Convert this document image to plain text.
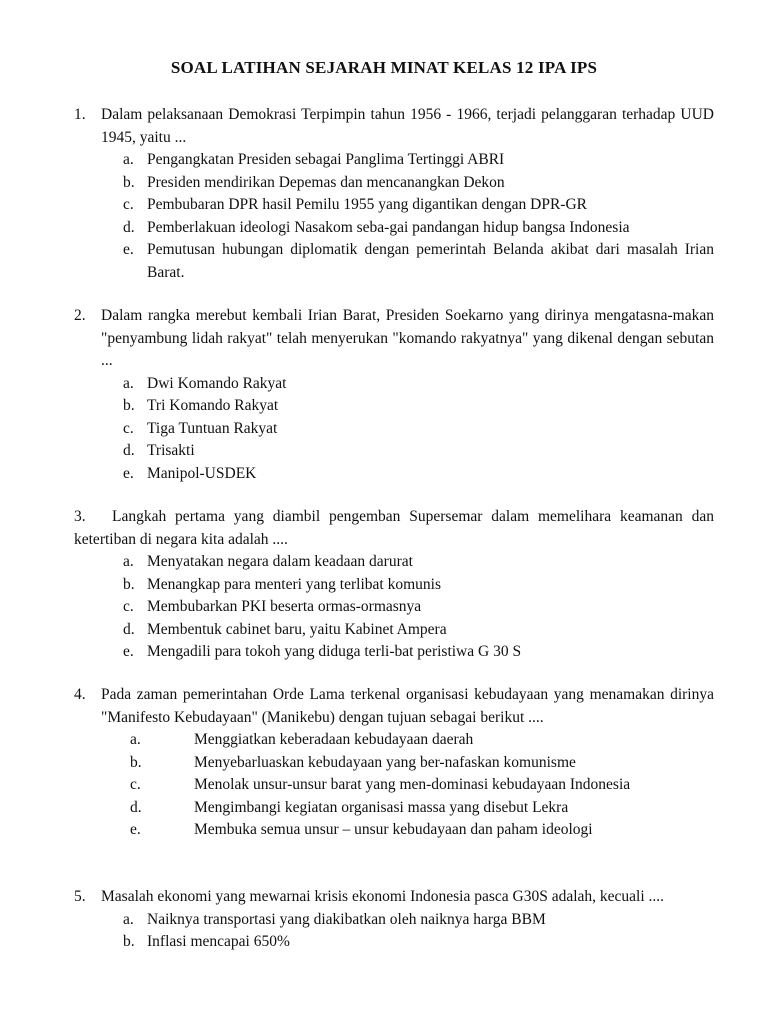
SOAL LATIHAN SEJARAH MINAT KELAS 12 IPA IPS
1. Dalam pelaksanaan Demokrasi Terpimpin tahun 1956 - 1966, terjadi pelanggaran terhadap UUD 1945, yaitu ...
a. Pengangkatan Presiden sebagai Panglima Tertinggi ABRI
b. Presiden mendirikan Depemas dan mencanangkan Dekon
c. Pembubaran DPR hasil Pemilu 1955 yang digantikan dengan DPR-GR
d. Pemberlakuan ideologi Nasakom seba-gai pandangan hidup bangsa Indonesia
e. Pemutusan hubungan diplomatik dengan pemerintah Belanda akibat dari masalah Irian Barat.
2. Dalam rangka merebut kembali Irian Barat, Presiden Soekarno yang dirinya mengatasna-makan "penyambung lidah rakyat" telah menyerukan "komando rakyatnya" yang dikenal dengan sebutan ...
a. Dwi Komando Rakyat
b. Tri Komando Rakyat
c. Tiga Tuntuan Rakyat
d. Trisakti
e. Manipol-USDEK
3. Langkah pertama yang diambil pengemban Supersemar dalam memelihara keamanan dan ketertiban di negara kita adalah ....
a. Menyatakan negara dalam keadaan darurat
b. Menangkap para menteri yang terlibat komunis
c. Membubarkan PKI beserta ormas-ormasnya
d. Membentuk cabinet baru, yaitu Kabinet Ampera
e. Mengadili para tokoh yang diduga terli-bat peristiwa G 30 S
4. Pada zaman pemerintahan Orde Lama terkenal organisasi kebudayaan yang menamakan dirinya "Manifesto Kebudayaan" (Manikebu) dengan tujuan sebagai berikut ....
a.	Menggiatkan keberadaan kebudayaan daerah
b.	Menyebarluaskan kebudayaan yang ber-nafaskan komunisme
c.	Menolak unsur-unsur barat yang men-dominasi kebudayaan Indonesia
d.	Mengimbangi kegiatan organisasi massa yang disebut Lekra
e.	Membuka semua unsur – unsur kebudayaan dan paham ideologi
5. Masalah ekonomi yang mewarnai krisis ekonomi Indonesia pasca G30S adalah, kecuali ....
a. Naiknya transportasi yang diakibatkan oleh naiknya harga BBM
b. Inflasi mencapai 650%
